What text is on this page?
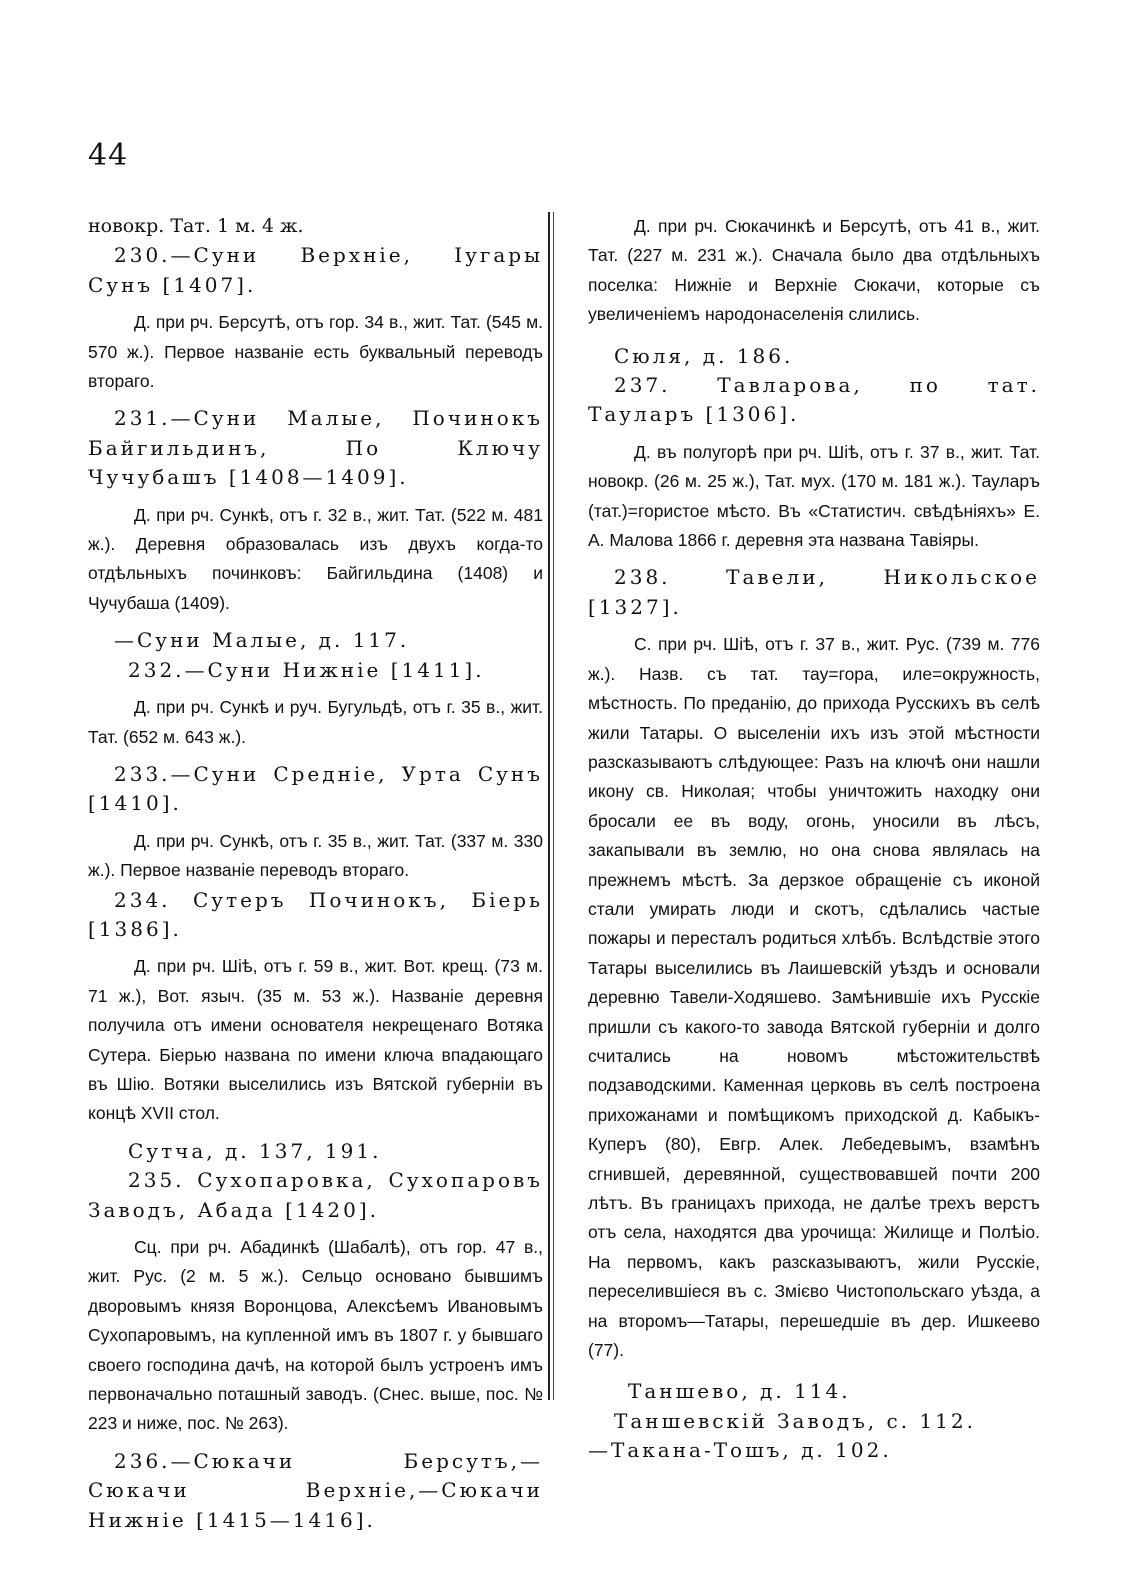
44

новокр. Тат. 1 м. 4 ж.

230.—Суни Верхніе, Іугары Сунъ [1407].

Д. при рч. Берсутѣ, отъ гор. 34 в., жит. Тат. (545 м. 570 ж.). Первое названіе есть буквальный переводъ втораго.

231.—Суни Малые, Починокъ Байгильдинъ, По Ключу Чучубашъ [1408—1409].

Д. при рч. Сункѣ, отъ г. 32 в., жит. Тат. (522 м. 481 ж.). Деревня образовалась изъ двухъ когда-то отдѣльныхъ починковъ: Байгильдина (1408) и Чучубаша (1409).

—Суни Малые, д. 117.

232.—Суни Нижніе [1411].

Д. при рч. Сункѣ и руч. Бугульдѣ, отъ г. 35 в., жит. Тат. (652 м. 643 ж.).

233.—Суни Средніе, Урта Сунъ [1410].

Д. при рч. Сункѣ, отъ г. 35 в., жит. Тат. (337 м. 330 ж.). Первое названіе переводъ втораго.

234. Сутеръ Починокъ, Біерь [1386].

Д. при рч. Шіѣ, отъ г. 59 в., жит. Вот. крещ. (73 м. 71 ж.), Вот. языч. (35 м. 53 ж.). Названіе деревня получила отъ имени основателя некрещенаго Вотяка Сутера. Біерью названа по имени ключа впадающаго въ Шію. Вотяки выселились изъ Вятской губерніи въ концѣ XVII стол.

Сутча, д. 137, 191.

235. Сухопаровка, Сухопаровъ Заводъ, Абада [1420].

Сц. при рч. Абадинкѣ (Шабалѣ), отъ гор. 47 в., жит. Рус. (2 м. 5 ж.). Сельцо основано бывшимъ дворовымъ князя Воронцова, Алексѣемъ Ивановымъ Сухопаровымъ, на купленной имъ въ 1807 г. у бывшаго своего господина дачѣ, на которой былъ устроенъ имъ первоначально поташный заводъ. (Снес. выше, пос. № 223 и ниже, пос. № 263).

236.—Сюкачи Берсутъ,—Сюкачи Верхніе,—Сюкачи Нижніе [1415—1416].

Д. при рч. Сюкачинкѣ и Берсутѣ, отъ 41 в., жит. Тат. (227 м. 231 ж.). Сначала было два отдѣльныхъ поселка: Нижніе и Верхніе Сюкачи, которые съ увеличеніемъ народонаселенія слились.

Сюля, д. 186.

237. Тавларова, по тат. Тауларъ [1306].

Д. въ полугорѣ при рч. Шіѣ, отъ г. 37 в., жит. Тат. новокр. (26 м. 25 ж.), Тат. мух. (170 м. 181 ж.). Тауларъ (тат.)=гористое мѣсто. Въ «Статистич. свѣдѣніяхъ» Е. А. Малова 1866 г. деревня эта названа Тавіяры.

238. Тавели, Никольское [1327].

С. при рч. Шіѣ, отъ г. 37 в., жит. Рус. (739 м. 776 ж.). Назв. съ тат. тау=гора, иле=окружность, мѣстность. По преданію, до прихода Русскихъ въ селѣ жили Татары. О выселеніи ихъ изъ этой мѣстности разсказываютъ слѣдующее: Разъ на ключѣ они нашли икону св. Николая; чтобы уничтожить находку они бросали ее въ воду, огонь, уносили въ лѣсъ, закапывали въ землю, но она снова являлась на прежнемъ мѣстѣ. За дерзкое обращеніе съ иконой стали умирать люди и скотъ, сдѣлались частые пожары и пересталъ родиться хлѣбъ. Вслѣдствіе этого Татары выселились въ Лаишевскій уѣздъ и основали деревню Тавели-Ходяшево. Замѣнившіе ихъ Русскіе пришли съ какого-то завода Вятской губерніи и долго считались на новомъ мѣстожительствѣ подзаводскими. Каменная церковь въ селѣ построена прихожанами и помѣщикомъ приходской д. Кабыкъ-Куперъ (80), Евгр. Алек. Лебедевымъ, взамѣнъ сгнившей, деревянной, существовавшей почти 200 лѣтъ. Въ границахъ прихода, не далѣе трехъ верстъ отъ села, находятся два урочища: Жилище и Полѣіо. На первомъ, какъ разсказываютъ, жили Русскіе, переселившіеся въ с. Змієво Чистопольскаго уѣзда, а на второмъ—Татары, перешедшіе въ дер. Ишкеево (77).

Таншево, д. 114.

Таншевскій Заводъ, с. 112.

—Такана-Тошъ, д. 102.
